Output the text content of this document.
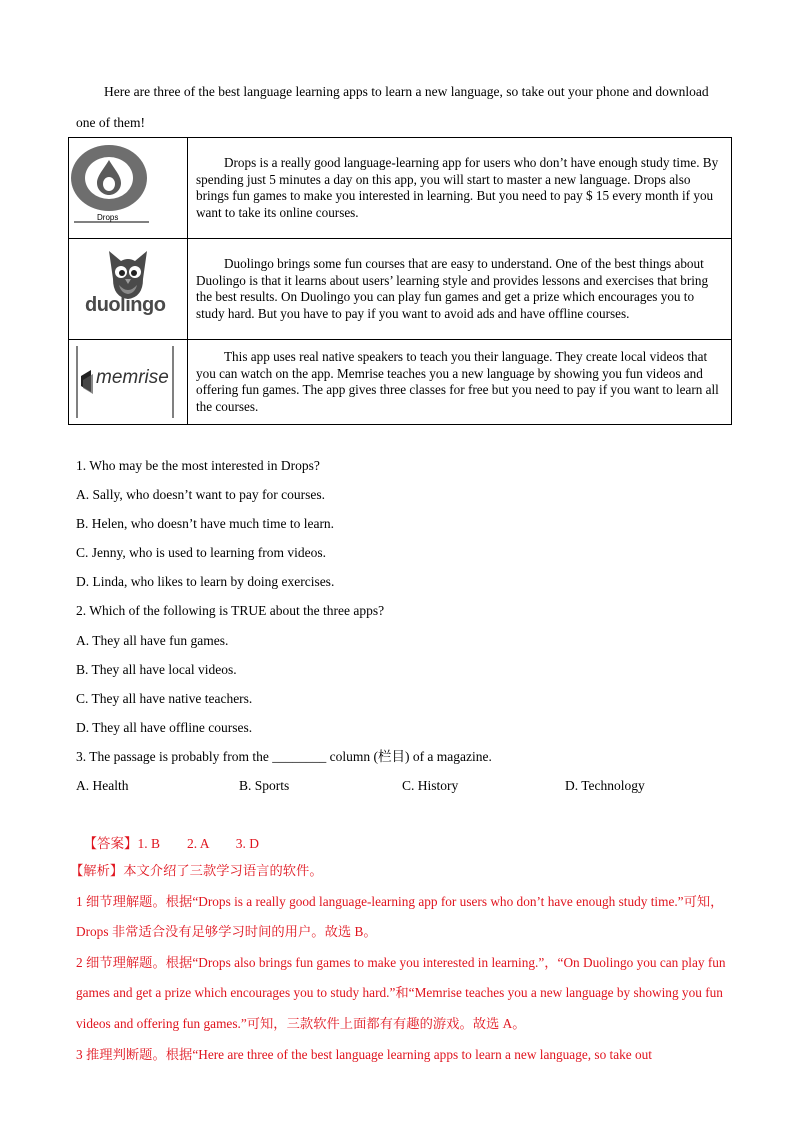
Here are three of the best language learning apps to learn a new language, so take out your phone and download one of them!
Drops	Drops is a really good language-learning app for users who don’t have enough study time. By spending just 5 minutes a day on this app, you will start to master a new language. Drops also brings fun games to make you interested in learning. But you need to pay $ 15 every month if you want to take its online courses.

duolingo	Duolingo brings some fun courses that are easy to understand. One of the best things about Duolingo is that it learns about users’ learning style and provides lessons and exercises that bring the best results. On Duolingo you can play fun games and get a prize which encourages you to study hard. But you have to pay if you want to avoid ads and have offline courses.

memrise	This app uses real native speakers to teach you their language. They create local videos that you can watch on the app. Memrise teaches you a new language by showing you fun videos and offering fun games. The app gives three classes for free but you need to pay if you want to learn all the courses.
1. Who may be the most interested in Drops?
A. Sally, who doesn’t want to pay for courses.
B. Helen, who doesn’t have much time to learn.
C. Jenny, who is used to learning from videos.
D. Linda, who likes to learn by doing exercises.
2. Which of the following is TRUE about the three apps?
A. They all have fun games.
B. They all have local videos.
C. They all have native teachers.
D. They all have offline courses.
3. The passage is probably from the ________ column (栏目) of a magazine.
A. Health	B. Sports	C. History	D. Technology

【答案】1. B        2. A        3. D

【解析】本文介绍了三款学习语言的软件。
1 细节理解题。根据“Drops is a really good language-learning app for users who don’t have enough study time.”可知，Drops 非常适合没有足够学习时间的用户。故选 B。
2 细节理解题。根据“Drops also brings fun games to make you interested in learning.”，“On Duolingo you can play fun games and get a prize which encourages you to study hard.”和“Memrise teaches you a new language by showing you fun videos and offering fun games.”可知，三款软件上面都有有趣的游戏。故选 A。
3 推理判断题。根据“Here are three of the best language learning apps to learn a new language, so take out
